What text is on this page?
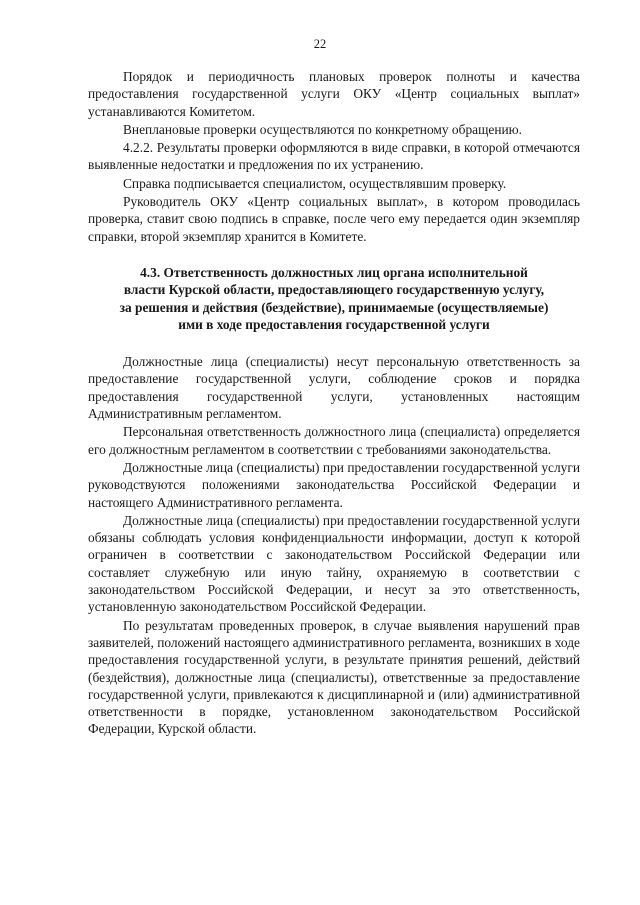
22

Порядок и периодичность плановых проверок полноты и качества предоставления государственной услуги ОКУ «Центр социальных выплат» устанавливаются Комитетом.

Внеплановые проверки осуществляются по конкретному обращению.

4.2.2. Результаты проверки оформляются в виде справки, в которой отмечаются выявленные недостатки и предложения по их устранению.

Справка подписывается специалистом, осуществлявшим проверку.

Руководитель ОКУ «Центр социальных выплат», в котором проводилась проверка, ставит свою подпись в справке, после чего ему передается один экземпляр справки, второй экземпляр хранится в Комитете.

4.3. Ответственность должностных лиц органа исполнительной
власти Курской области, предоставляющего государственную услугу,
за решения и действия (бездействие), принимаемые (осуществляемые)
ими в ходе предоставления государственной услуги

Должностные лица (специалисты) несут персональную ответственность за предоставление государственной услуги, соблюдение сроков и порядка предоставления государственной услуги, установленных настоящим Административным регламентом.

Персональная ответственность должностного лица (специалиста) определяется его должностным регламентом в соответствии с требованиями законодательства.

Должностные лица (специалисты) при предоставлении государственной услуги руководствуются положениями законодательства Российской Федерации и настоящего Административного регламента.

Должностные лица (специалисты) при предоставлении государственной услуги обязаны соблюдать условия конфиденциальности информации, доступ к которой ограничен в соответствии с законодательством Российской Федерации или составляет служебную или иную тайну, охраняемую в соответствии с законодательством Российской Федерации, и несут за это ответственность, установленную законодательством Российской Федерации.

По результатам проведенных проверок, в случае выявления нарушений прав заявителей, положений настоящего административного регламента, возникших в ходе предоставления государственной услуги, в результате принятия решений, действий (бездействия), должностные лица (специалисты), ответственные за предоставление государственной услуги, привлекаются к дисциплинарной и (или) административной ответственности в порядке, установленном законодательством Российской Федерации, Курской области.
